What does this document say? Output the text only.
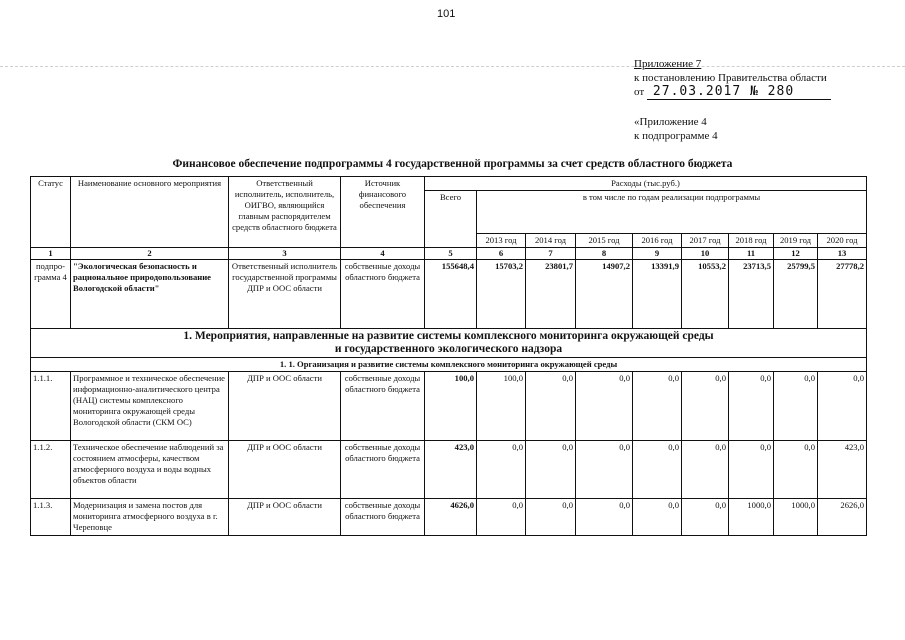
101
Приложение 7
к постановлению Правительства области
от 27.03.2017 № 280
«Приложение 4
к подпрограмме 4
Финансовое обеспечение подпрограммы 4 государственной программы за счет средств областного бюджета
Статус	Наименование основного мероприятия	Ответственный исполнитель, исполнитель, ОИГВО, являющийся главным распорядителем средств областного бюджета	Источник финансового обеспечения	Расходы (тыс.руб.)								
				Всего	в том числе по годам реализации подпрограммы							
					2013 год	2014 год	2015 год	2016 год	2017 год	2018 год	2019 год	2020 год
1	2	3	4	5	6	7	8	9	10	11	12	13
подпро-грамма 4	"Экологическая безопасность и рациональное природопользование Вологодской области"	Ответственный исполнитель государственной программы ДПР и ООС области	собственные доходы областного бюджета	155648,4	15703,2	23801,7	14907,2	13391,9	10553,2	23713,5	25799,5	27778,2

1. Мероприятия, направленные на развитие системы комплексного мониторинга окружающей среды
и государственного экологического надзора												

1. 1. Организация и развитие системы комплексного мониторинга окружающей среды												
1.1.1.	Программное и техническое обеспечение информационно-аналитического центра (НАЦ) системы комплексного мониторинга окружающей среды Вологодской области (СКМ ОС)	ДПР и ООС области	собственные доходы областного бюджета	100,0	100,0	0,0	0,0	0,0	0,0	0,0	0,0	0,0
1.1.2.	Техническое обеспечение наблюдений за состоянием атмосферы, качеством атмосферного воздуха и воды водных объектов области	ДПР и ООС области	собственные доходы областного бюджета	423,0	0,0	0,0	0,0	0,0	0,0	0,0	0,0	423,0
1.1.3.	Модернизация и замена постов для мониторинга атмосферного воздуха в г. Череповце	ДПР и ООС области	собственные доходы областного бюджета	4626,0	0,0	0,0	0,0	0,0	0,0	1000,0	1000,0	2626,0
